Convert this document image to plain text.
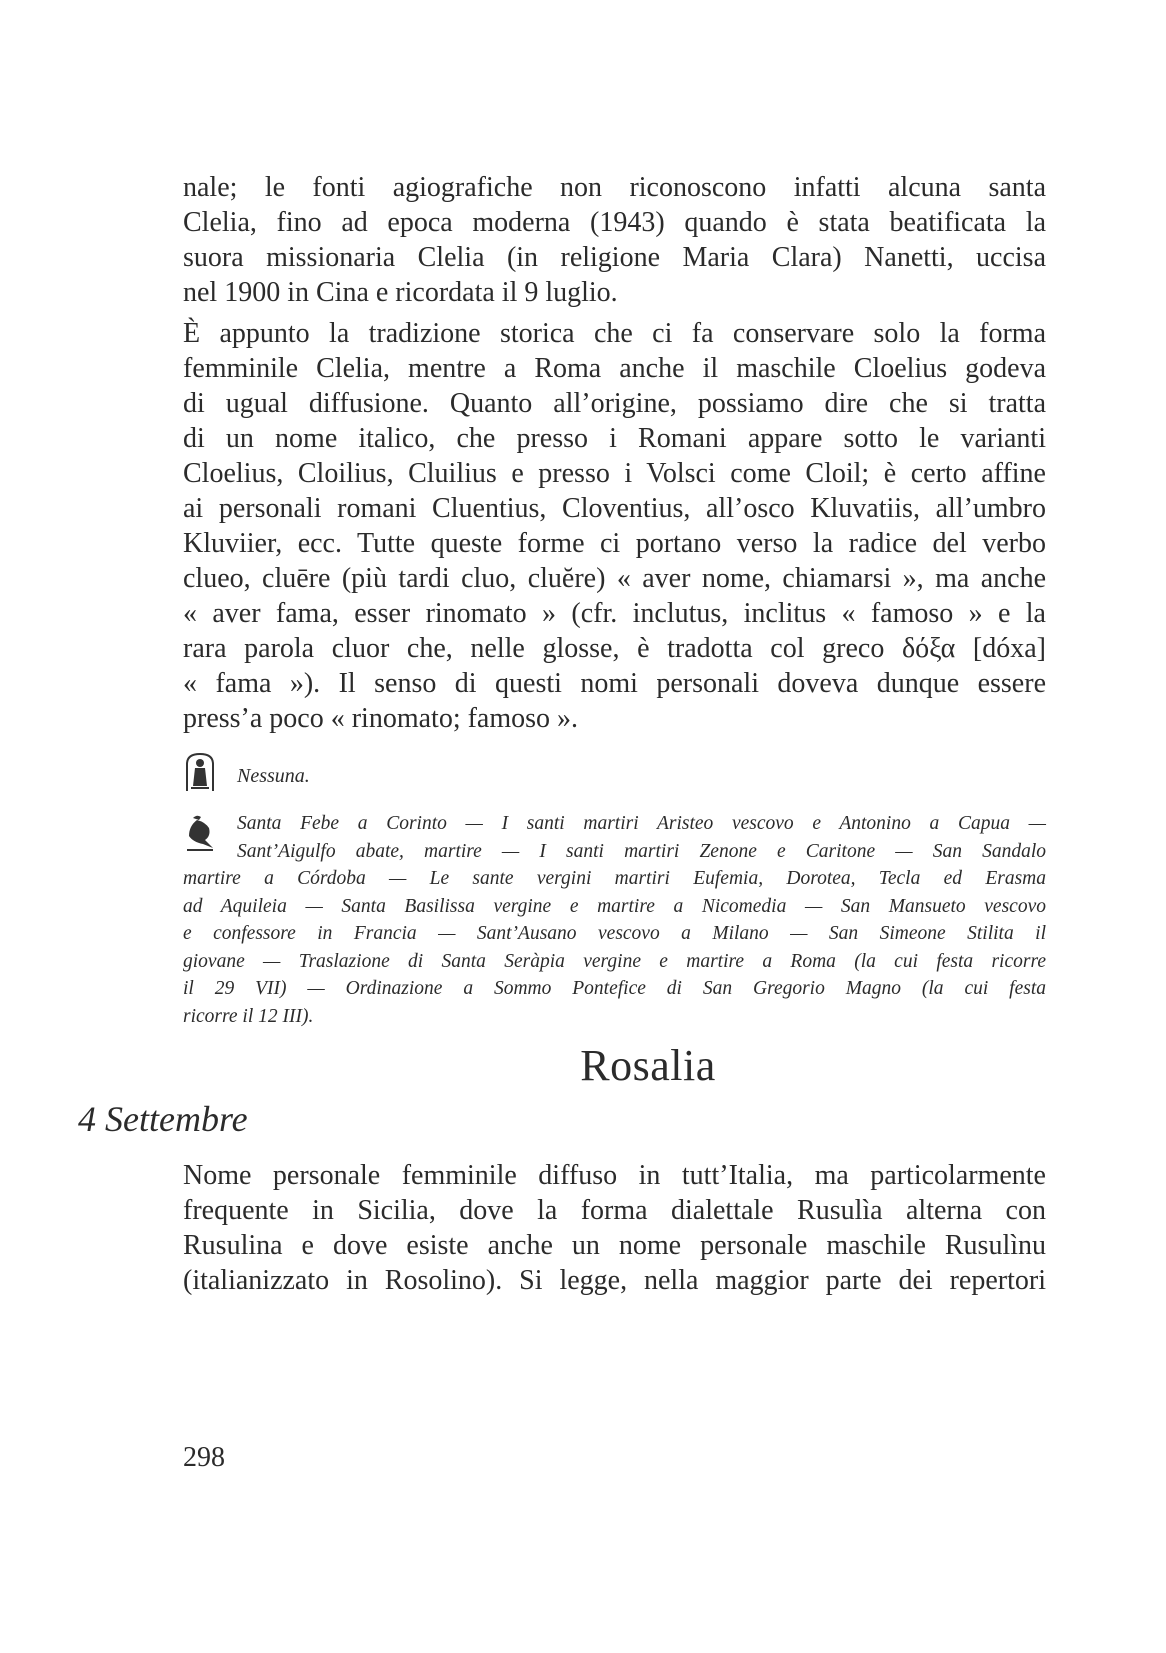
nale; le fonti agiografiche non riconoscono infatti alcuna santa
Clelia, fino ad epoca moderna (1943) quando è stata beatificata la
suora missionaria Clelia (in religione Maria Clara) Nanetti, uccisa
nel 1900 in Cina e ricordata il 9 luglio.
È appunto la tradizione storica che ci fa conservare solo la forma
femminile Clelia, mentre a Roma anche il maschile Cloelius godeva
di ugual diffusione. Quanto all’origine, possiamo dire che si tratta
di un nome italico, che presso i Romani appare sotto le varianti
Cloelius, Cloilius, Cluilius e presso i Volsci come Cloil; è certo affine
ai personali romani Cluentius, Cloventius, all’osco Kluvatiis, all’umbro
Kluviier, ecc. Tutte queste forme ci portano verso la radice del verbo
clueo, cluēre (più tardi cluo, cluĕre) « aver nome, chiamarsi », ma anche
« aver fama, esser rinomato » (cfr. inclutus, inclitus « famoso » e la
rara parola cluor che, nelle glosse, è tradotta col greco δόξα [dóxa]
« fama »). Il senso di questi nomi personali doveva dunque essere
press’a poco « rinomato; famoso ».
Nessuna.
Santa Febe a Corinto — I santi martiri Aristeo vescovo e Antonino a Capua —
Sant’Aigulfo abate, martire — I santi martiri Zenone e Caritone — San Sandalo
martire a Córdoba — Le sante vergini martiri Eufemia, Dorotea, Tecla ed Erasma
ad Aquileia — Santa Basilissa vergine e martire a Nicomedia — San Mansueto vescovo
e confessore in Francia — Sant’Ausano vescovo a Milano — San Simeone Stilita il
giovane — Traslazione di Santa Seràpia vergine e martire a Roma (la cui festa ricorre
il 29 VII) — Ordinazione a Sommo Pontefice di San Gregorio Magno (la cui festa
ricorre il 12 III).
Rosalia
4 Settembre
Nome personale femminile diffuso in tutt’Italia, ma particolarmente
frequente in Sicilia, dove la forma dialettale Rusulìa alterna con
Rusulina e dove esiste anche un nome personale maschile Rusulìnu
(italianizzato in Rosolino). Si legge, nella maggior parte dei repertori
298
